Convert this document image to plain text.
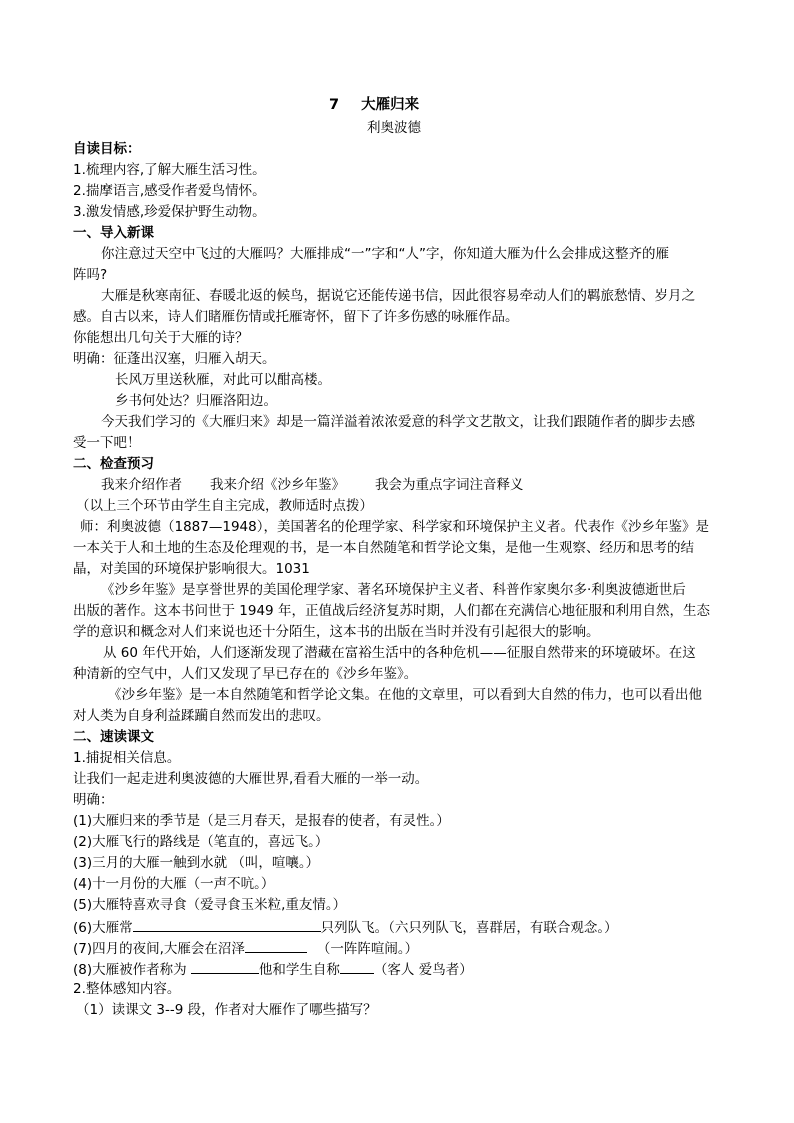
7 大雁归来
利奥波德
自读目标：
1.梳理内容,了解大雁生活习性。
2.揣摩语言,感受作者爱鸟情怀。
3.激发情感,珍爱保护野生动物。
一、导入新课
你注意过天空中飞过的大雁吗？大雁排成“一”字和“人”字，你知道大雁为什么会排成这整齐的雁
阵吗?
大雁是秋寒南征、春暖北返的候鸟，据说它还能传递书信，因此很容易牵动人们的羁旅愁情、岁月之
感。自古以来，诗人们睹雁伤情或托雁寄怀，留下了许多伤感的咏雁作品。
你能想出几句关于大雁的诗？
明确：征蓬出汉塞，归雁入胡天。
长风万里送秋雁，对此可以酣高楼。
乡书何处达？归雁洛阳边。
今天我们学习的《大雁归来》却是一篇洋溢着浓浓爱意的科学文艺散文，让我们跟随作者的脚步去感
受一下吧！
二、检查预习
我来介绍作者 我来介绍《沙乡年鉴》 我会为重点字词注音释义
（以上三个环节由学生自主完成，教师适时点拨）
师：利奥波德（1887—1948），美国著名的伦理学家、科学家和环境保护主义者。代表作《沙乡年鉴》是
一本关于人和土地的生态及伦理观的书，是一本自然随笔和哲学论文集，是他一生观察、经历和思考的结
晶，对美国的环境保护影响很大。1031
《沙乡年鉴》是享誉世界的美国伦理学家、著名环境保护主义者、科普作家奥尔多·利奥波德逝世后
出版的著作。这本书问世于 1949 年，正值战后经济复苏时期，人们都在充满信心地征服和利用自然，生态
学的意识和概念对人们来说也还十分陌生，这本书的出版在当时并没有引起很大的影响。
从 60 年代开始，人们逐渐发现了潜藏在富裕生活中的各种危机——征服自然带来的环境破坏。在这
种清新的空气中，人们又发现了早已存在的《沙乡年鉴》。
《沙乡年鉴》是一本自然随笔和哲学论文集。在他的文章里，可以看到大自然的伟力，也可以看出他
对人类为自身利益蹂躏自然而发出的悲叹。
二、速读课文
1.捕捉相关信息。
让我们一起走进利奥波德的大雁世界,看看大雁的一举一动。
明确：
(1)大雁归来的季节是（是三月春天，是报春的使者，有灵性。）
(2)大雁飞行的路线是（笔直的，喜远飞。）
(3)三月的大雁一触到水就 （叫，喧嚷。）
(4)十一月份的大雁（一声不吭。）
(5)大雁特喜欢寻食（爱寻食玉米粒,重友情。）
(6)大雁常	只列队飞。（六只列队飞，喜群居，有联合观念。）
(7)四月的夜间,大雁会在沼泽	（一阵阵喧闹。）
(8)大雁被作者称为	他和学生自称	（客人 爱鸟者）
2.整体感知内容。
（1）读课文 3--9 段，作者对大雁作了哪些描写？
